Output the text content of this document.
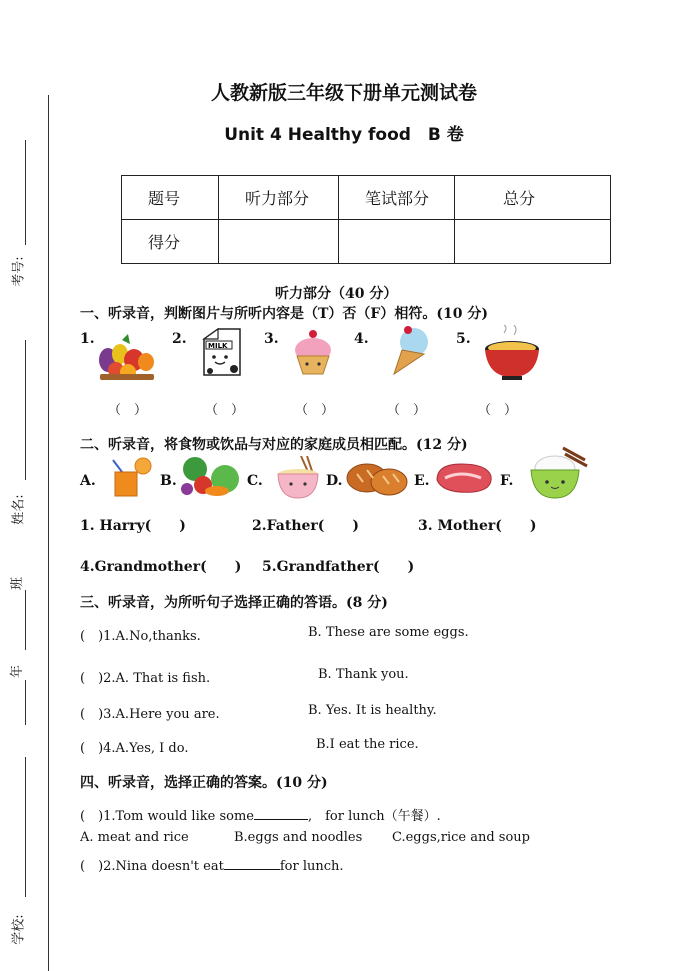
考号:
姓名:
班
年
学校:
人教新版三年级下册单元测试卷
Unit 4 Healthy food　B 卷
题号	听力部分	笔试部分	总分
得分			
听力部分（40 分）
一、听录音，判断图片与所听内容是（T）否（F）相符。(10 分)
1.	2.	3.	4.	5.
MILK
（　）	（　）	（　）	（　）	（　）
二、听录音，将食物或饮品与对应的家庭成员相匹配。(12 分)
A.	B.	C.	D.	E.	F.
1. Harry(　　)	2.Father(　　)	3. Mother(　　)
4.Grandmother(　　) 5.Grandfather(　　)
三、听录音，为所听句子选择正确的答语。(8 分)
(　)1.A.No,thanks.	B. These are some eggs.
(　)2.A. That is fish.	B. Thank you.
(　)3.A.Here you are.	B. Yes. It is healthy.
(　)4.A.Yes, I do.	B.I eat the rice.
四、听录音，选择正确的答案。(10 分)
(　)1.Tom would like some	,　for lunch（午餐）.
A. meat and rice	B.eggs and noodles C.eggs,rice and soup
(　)2.Nina doesn't eat	for lunch.
